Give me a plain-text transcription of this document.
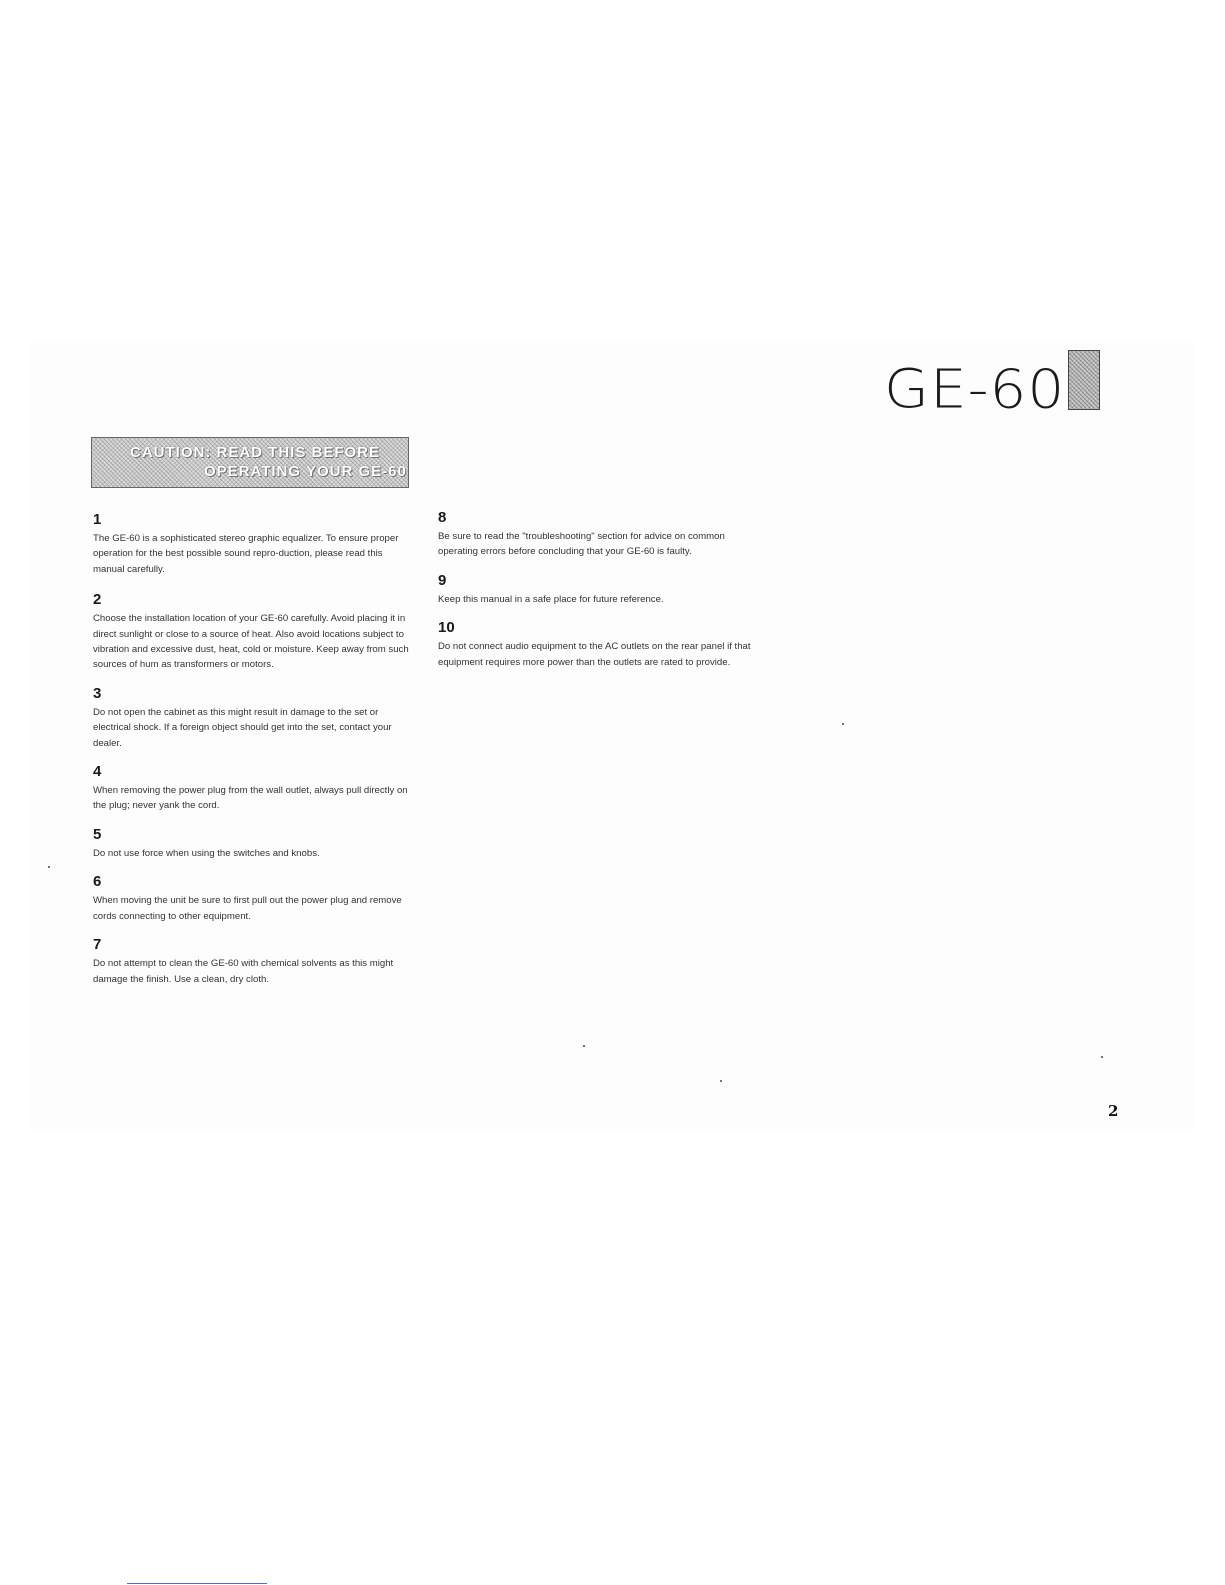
GE-60
CAUTION: READ THIS BEFORE
OPERATING YOUR GE-60
1
The GE-60 is a sophisticated stereo graphic equalizer. To ensure proper operation for the best possible sound repro-duction, please read this manual carefully.
2
Choose the installation location of your GE-60 carefully. Avoid placing it in direct sunlight or close to a source of heat. Also avoid locations subject to vibration and excessive dust, heat, cold or moisture. Keep away from such sources of hum as transformers or motors.
3
Do not open the cabinet as this might result in damage to the set or electrical shock. If a foreign object should get into the set, contact your dealer.
4
When removing the power plug from the wall outlet, always pull directly on the plug; never yank the cord.
5
Do not use force when using the switches and knobs.
6
When moving the unit be sure to first pull out the power plug and remove cords connecting to other equipment.
7
Do not attempt to clean the GE-60 with chemical solvents as this might damage the finish. Use a clean, dry cloth.
8
Be sure to read the "troubleshooting" section for advice on common operating errors before concluding that your GE-60 is faulty.
9
Keep this manual in a safe place for future reference.
10
Do not connect audio equipment to the AC outlets on the rear panel if that equipment requires more power than the outlets are rated to provide.
2
